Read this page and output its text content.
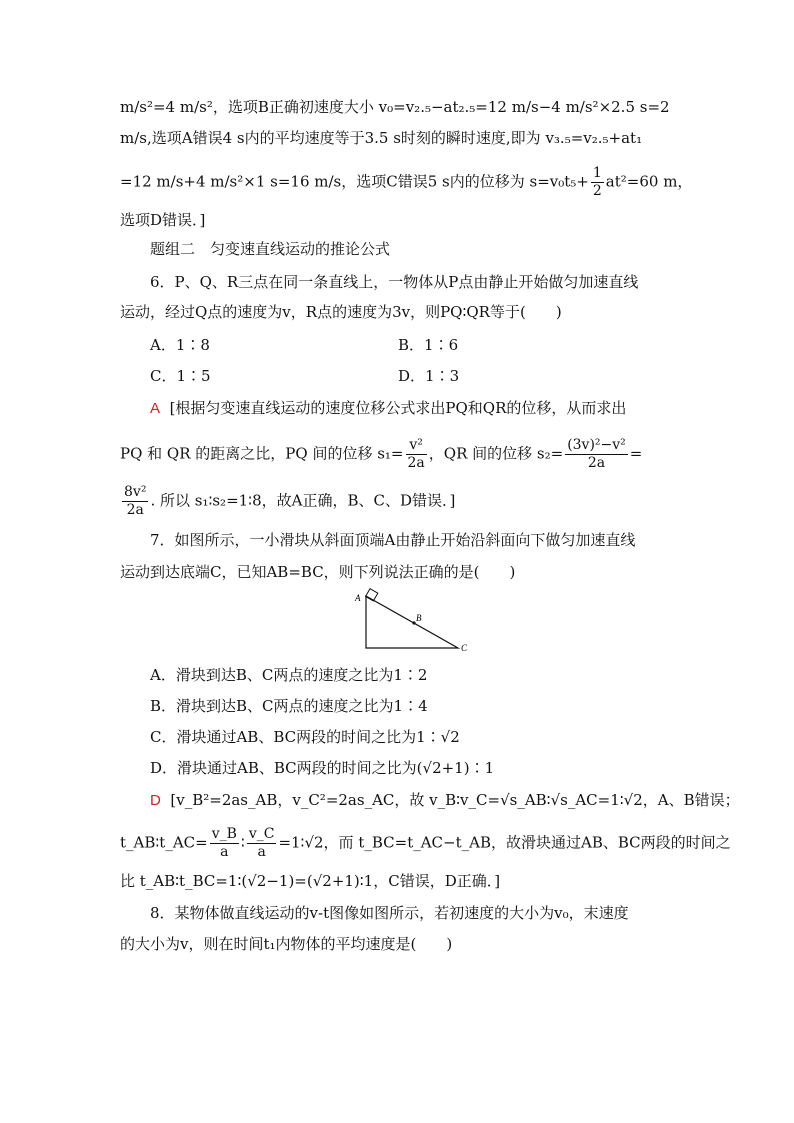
m/s²=4 m/s²，选项B正确初速度大小 v₀=v₂.₅−at₂.₅=12 m/s−4 m/s²×2.5 s=2
m/s,选项A错误4 s内的平均速度等于3.5 s时刻的瞬时速度,即为 v₃.₅=v₂.₅+at₁
=12 m/s+4 m/s²×1 s=16 m/s，选项C错误5 s内的位移为 $s=v_0t_5+ \frac{1}{2} at^2=60$ m，
选项D错误．]
题组二　匀变速直线运动的推论公式
6．P、Q、R三点在同一条直线上，一物体从P点由静止开始做匀加速直线
运动，经过Q点的速度为v，R点的速度为3v，则PQ∶QR等于(　　)
A．1∶8	B．1∶6
C．1∶5	D．1∶3
A [根据匀变速直线运动的速度位移公式求出PQ和QR的位移，从而求出
PQ 和 QR 的距离之比，PQ 间的位移 $s_1= \frac{\text{v²}}{2a}$ ，QR 间的位移 $s_2= \frac{\text{(3v)²−v²}}{2a}$ =
$\frac{\text{8v²}}{2a}$ . 所以 s₁∶s₂=1∶8，故A正确，B、C、D错误．]
7．如图所示，一小滑块从斜面顶端A由静止开始沿斜面向下做匀加速直线
运动到达底端C，已知AB=BC，则下列说法正确的是(　　)
A
B
C
A．滑块到达B、C两点的速度之比为1∶2
B．滑块到达B、C两点的速度之比为1∶4
C．滑块通过AB、BC两段的时间之比为1∶√2
D．滑块通过AB、BC两段的时间之比为(√2+1)∶1
D [v_B²=2as_AB，v_C²=2as_AC，故 v_B∶v_C=√s_AB∶√s_AC=1∶√2，A、B错误；
t_AB∶t_AC= $\frac{v\_B}{a}$ ∶ $\frac{v\_C}{a}$ =1∶√2，而 t_BC=t_AC−t_AB，故滑块通过AB、BC两段的时间之
比 t_AB∶t_BC=1∶(√2−1)=(√2+1)∶1，C错误，D正确．]
8．某物体做直线运动的v-t图像如图所示，若初速度的大小为v₀，末速度
的大小为v，则在时间t₁内物体的平均速度是(　　)
